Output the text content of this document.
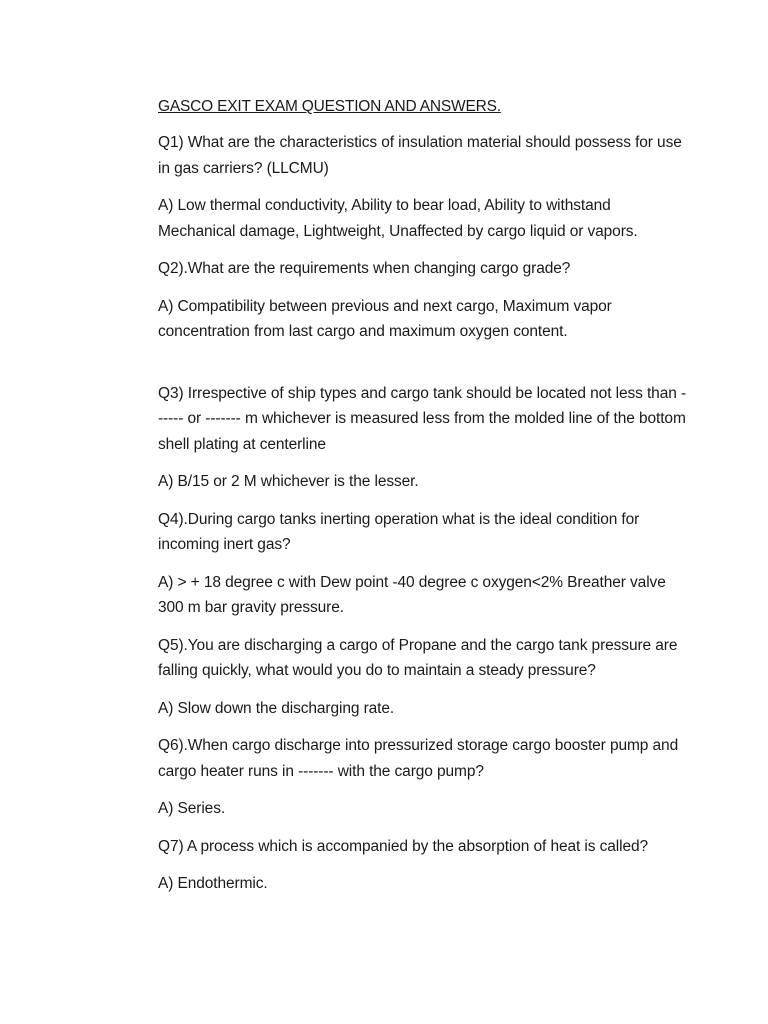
GASCO EXIT EXAM QUESTION AND ANSWERS.

Q1) What are the characteristics of insulation material should possess for use in gas carriers? (LLCMU)

A) Low thermal conductivity, Ability to bear load, Ability to withstand Mechanical damage, Lightweight, Unaffected by cargo liquid or vapors.

Q2).What are the requirements when changing cargo grade?

A) Compatibility between previous and next cargo, Maximum vapor concentration from last cargo and maximum oxygen content.

Q3) Irrespective of ship types and cargo tank should be located not less than ------ or ------- m whichever is measured less from the molded line of the bottom shell plating at centerline

A) B/15 or 2 M whichever is the lesser.

Q4).During cargo tanks inerting operation what is the ideal condition for incoming inert gas?

A) > + 18 degree c with Dew point -40 degree c oxygen<2% Breather valve 300 m bar gravity pressure.

Q5).You are discharging a cargo of Propane and the cargo tank pressure are falling quickly, what would you do to maintain a steady pressure?

A) Slow down the discharging rate.

Q6).When cargo discharge into pressurized storage cargo booster pump and cargo heater runs in ------- with the cargo pump?

A) Series.

Q7) A process which is accompanied by the absorption of heat is called?

A) Endothermic.
